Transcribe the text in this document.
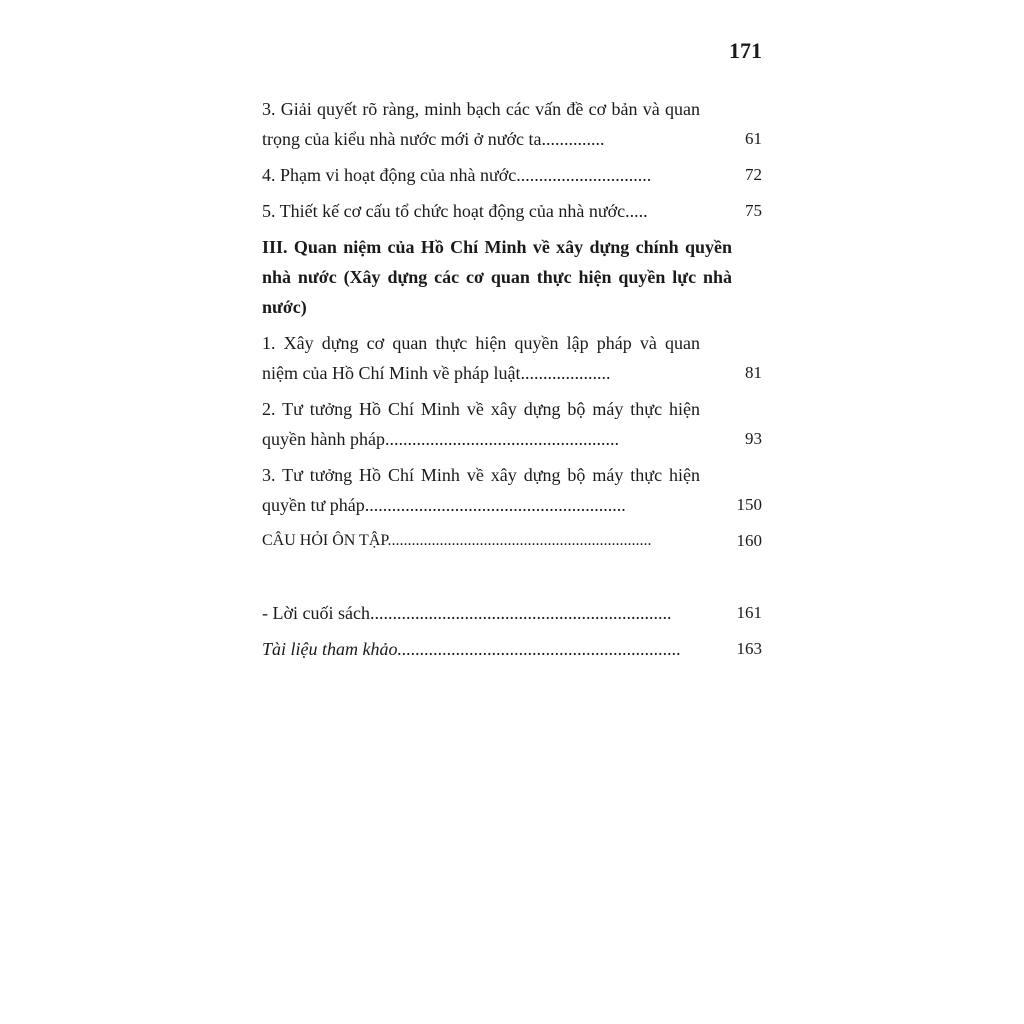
171
3. Giải quyết rõ ràng, minh bạch các vấn đề cơ bản và quan trọng của kiểu nhà nước mới ở nước ta..............	61
4. Phạm vi hoạt động của nhà nước..............................	72
5. Thiết kế cơ cấu tổ chức hoạt động của nhà nước.....	75
III. Quan niệm của Hồ Chí Minh về xây dựng chính quyền nhà nước (Xây dựng các cơ quan thực hiện quyền lực nhà nước)
1. Xây dựng cơ quan thực hiện quyền lập pháp và quan niệm của Hồ Chí Minh về pháp luật....................	81
2. Tư tưởng Hồ Chí Minh về xây dựng bộ máy thực hiện quyền hành pháp....................................................	93
3. Tư tưởng Hồ Chí Minh về xây dựng bộ máy thực hiện quyền tư pháp..........................................................	150
CÂU HỎI ÔN TẬP..................................................................	160
- Lời cuối sách...................................................................	161
Tài liệu tham khảo...............................................................	163
